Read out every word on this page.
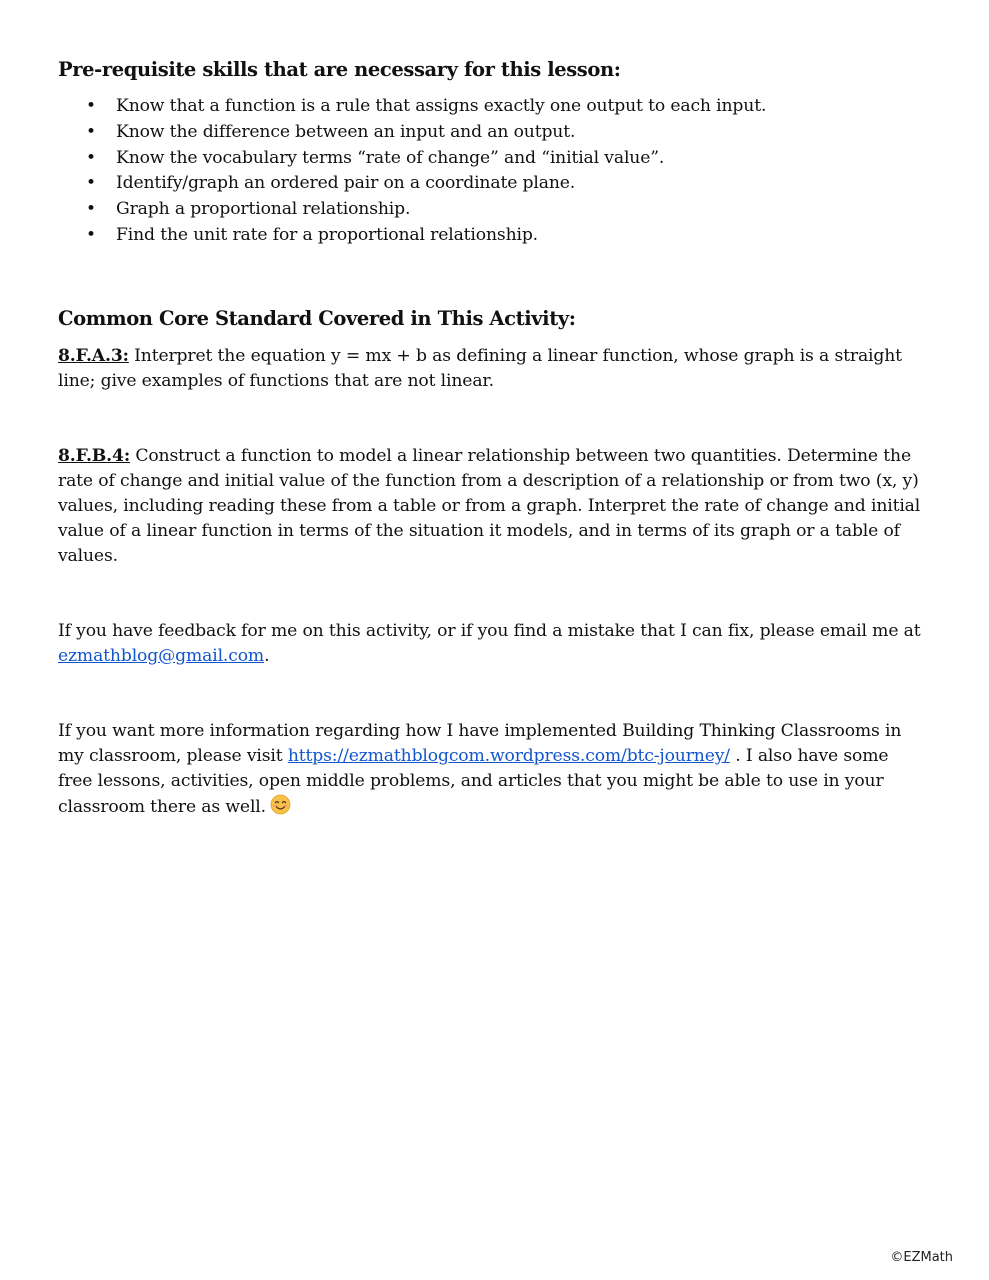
Pre-requisite skills that are necessary for this lesson:
• Know that a function is a rule that assigns exactly one output to each input.
• Know the difference between an input and an output.
• Know the vocabulary terms “rate of change” and “initial value”.
• Identify/graph an ordered pair on a coordinate plane.
• Graph a proportional relationship.
• Find the unit rate for a proportional relationship.
Common Core Standard Covered in This Activity:

8.F.A.3: Interpret the equation y = mx + b as defining a linear function, whose graph is a straight line; give examples of functions that are not linear.

8.F.B.4: Construct a function to model a linear relationship between two quantities. Determine the rate of change and initial value of the function from a description of a relationship or from two (x, y) values, including reading these from a table or from a graph. Interpret the rate of change and initial value of a linear function in terms of the situation it models, and in terms of its graph or a table of values.

If you have feedback for me on this activity, or if you find a mistake that I can fix, please email me at ezmathblog@gmail.com.

If you want more information regarding how I have implemented Building Thinking Classrooms in my classroom, please visit https://ezmathblogcom.wordpress.com/btc-journey/ . I also have some free lessons, activities, open middle problems, and articles that you might be able to use in your classroom there as well.

©EZMath
